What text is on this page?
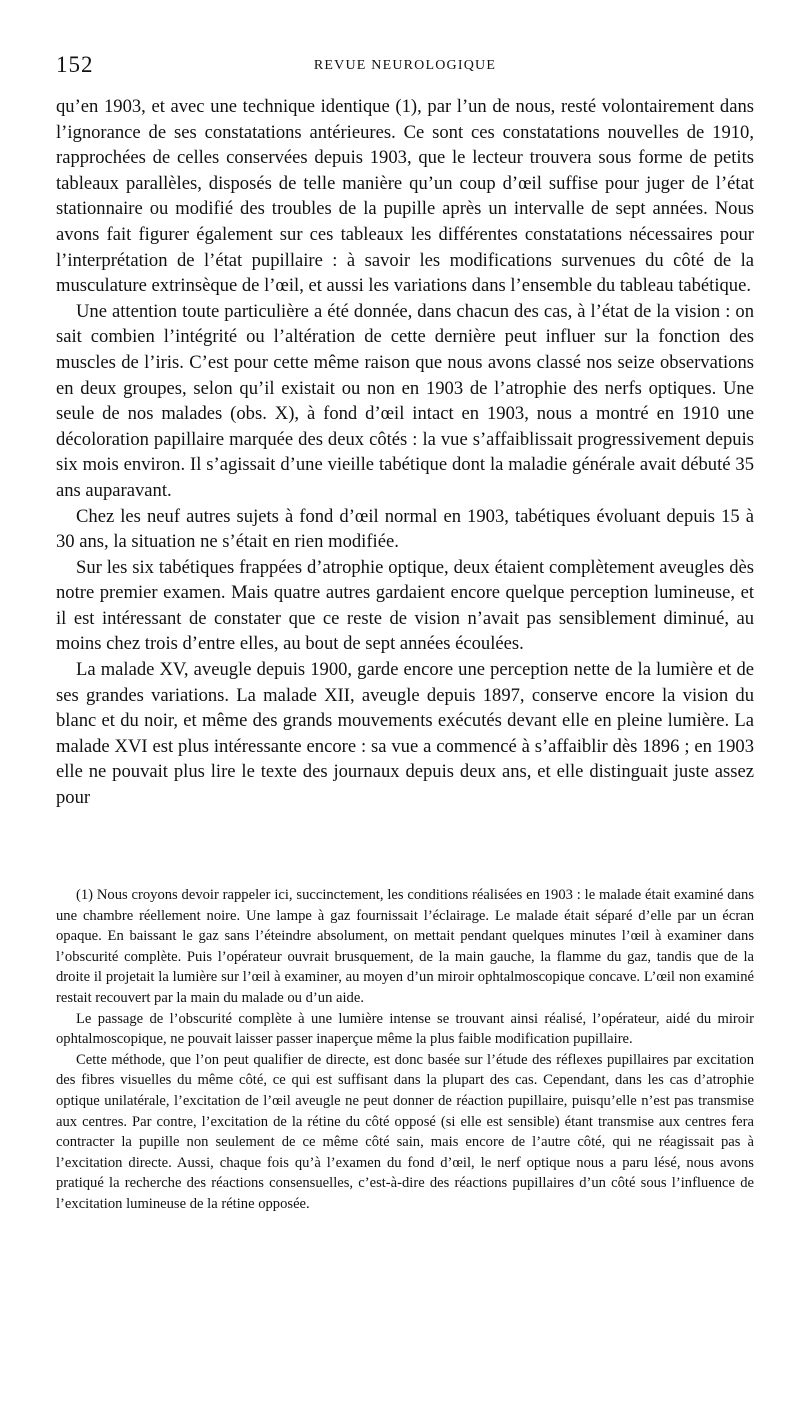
152	REVUE NEUROLOGIQUE

qu’en 1903, et avec une technique identique (1), par l’un de nous, resté volontairement dans l’ignorance de ses constatations antérieures. Ce sont ces constatations nouvelles de 1910, rapprochées de celles conservées depuis 1903, que le lecteur trouvera sous forme de petits tableaux parallèles, disposés de telle manière qu’un coup d’œil suffise pour juger de l’état stationnaire ou modifié des troubles de la pupille après un intervalle de sept années. Nous avons fait figurer également sur ces tableaux les différentes constatations nécessaires pour l’interprétation de l’état pupillaire : à savoir les modifications survenues du côté de la musculature extrinsèque de l’œil, et aussi les variations dans l’ensemble du tableau tabétique.

Une attention toute particulière a été donnée, dans chacun des cas, à l’état de la vision : on sait combien l’intégrité ou l’altération de cette dernière peut influer sur la fonction des muscles de l’iris. C’est pour cette même raison que nous avons classé nos seize observations en deux groupes, selon qu’il existait ou non en 1903 de l’atrophie des nerfs optiques. Une seule de nos malades (obs. X), à fond d’œil intact en 1903, nous a montré en 1910 une décoloration papillaire marquée des deux côtés : la vue s’affaiblissait progressivement depuis six mois environ. Il s’agissait d’une vieille tabétique dont la maladie générale avait débuté 35 ans auparavant.

Chez les neuf autres sujets à fond d’œil normal en 1903, tabétiques évoluant depuis 15 à 30 ans, la situation ne s’était en rien modifiée.

Sur les six tabétiques frappées d’atrophie optique, deux étaient complètement aveugles dès notre premier examen. Mais quatre autres gardaient encore quelque perception lumineuse, et il est intéressant de constater que ce reste de vision n’avait pas sensiblement diminué, au moins chez trois d’entre elles, au bout de sept années écoulées.

La malade XV, aveugle depuis 1900, garde encore une perception nette de la lumière et de ses grandes variations. La malade XII, aveugle depuis 1897, conserve encore la vision du blanc et du noir, et même des grands mouvements exécutés devant elle en pleine lumière. La malade XVI est plus intéressante encore : sa vue a commencé à s’affaiblir dès 1896 ; en 1903 elle ne pouvait plus lire le texte des journaux depuis deux ans, et elle distinguait juste assez pour

(1) Nous croyons devoir rappeler ici, succinctement, les conditions réalisées en 1903 : le malade était examiné dans une chambre réellement noire. Une lampe à gaz fournissait l’éclairage. Le malade était séparé d’elle par un écran opaque. En baissant le gaz sans l’éteindre absolument, on mettait pendant quelques minutes l’œil à examiner dans l’obscurité complète. Puis l’opérateur ouvrait brusquement, de la main gauche, la flamme du gaz, tandis que de la droite il projetait la lumière sur l’œil à examiner, au moyen d’un miroir ophtalmoscopique concave. L’œil non examiné restait recouvert par la main du malade ou d’un aide.

Le passage de l’obscurité complète à une lumière intense se trouvant ainsi réalisé, l’opérateur, aidé du miroir ophtalmoscopique, ne pouvait laisser passer inaperçue même la plus faible modification pupillaire.

Cette méthode, que l’on peut qualifier de directe, est donc basée sur l’étude des réflexes pupillaires par excitation des fibres visuelles du même côté, ce qui est suffisant dans la plupart des cas. Cependant, dans les cas d’atrophie optique unilatérale, l’excitation de l’œil aveugle ne peut donner de réaction pupillaire, puisqu’elle n’est pas transmise aux centres. Par contre, l’excitation de la rétine du côté opposé (si elle est sensible) étant transmise aux centres fera contracter la pupille non seulement de ce même côté sain, mais encore de l’autre côté, qui ne réagissait pas à l’excitation directe. Aussi, chaque fois qu’à l’examen du fond d’œil, le nerf optique nous a paru lésé, nous avons pratiqué la recherche des réactions consensuelles, c’est-à-dire des réactions pupillaires d’un côté sous l’influence de l’excitation lumineuse de la rétine opposée.
